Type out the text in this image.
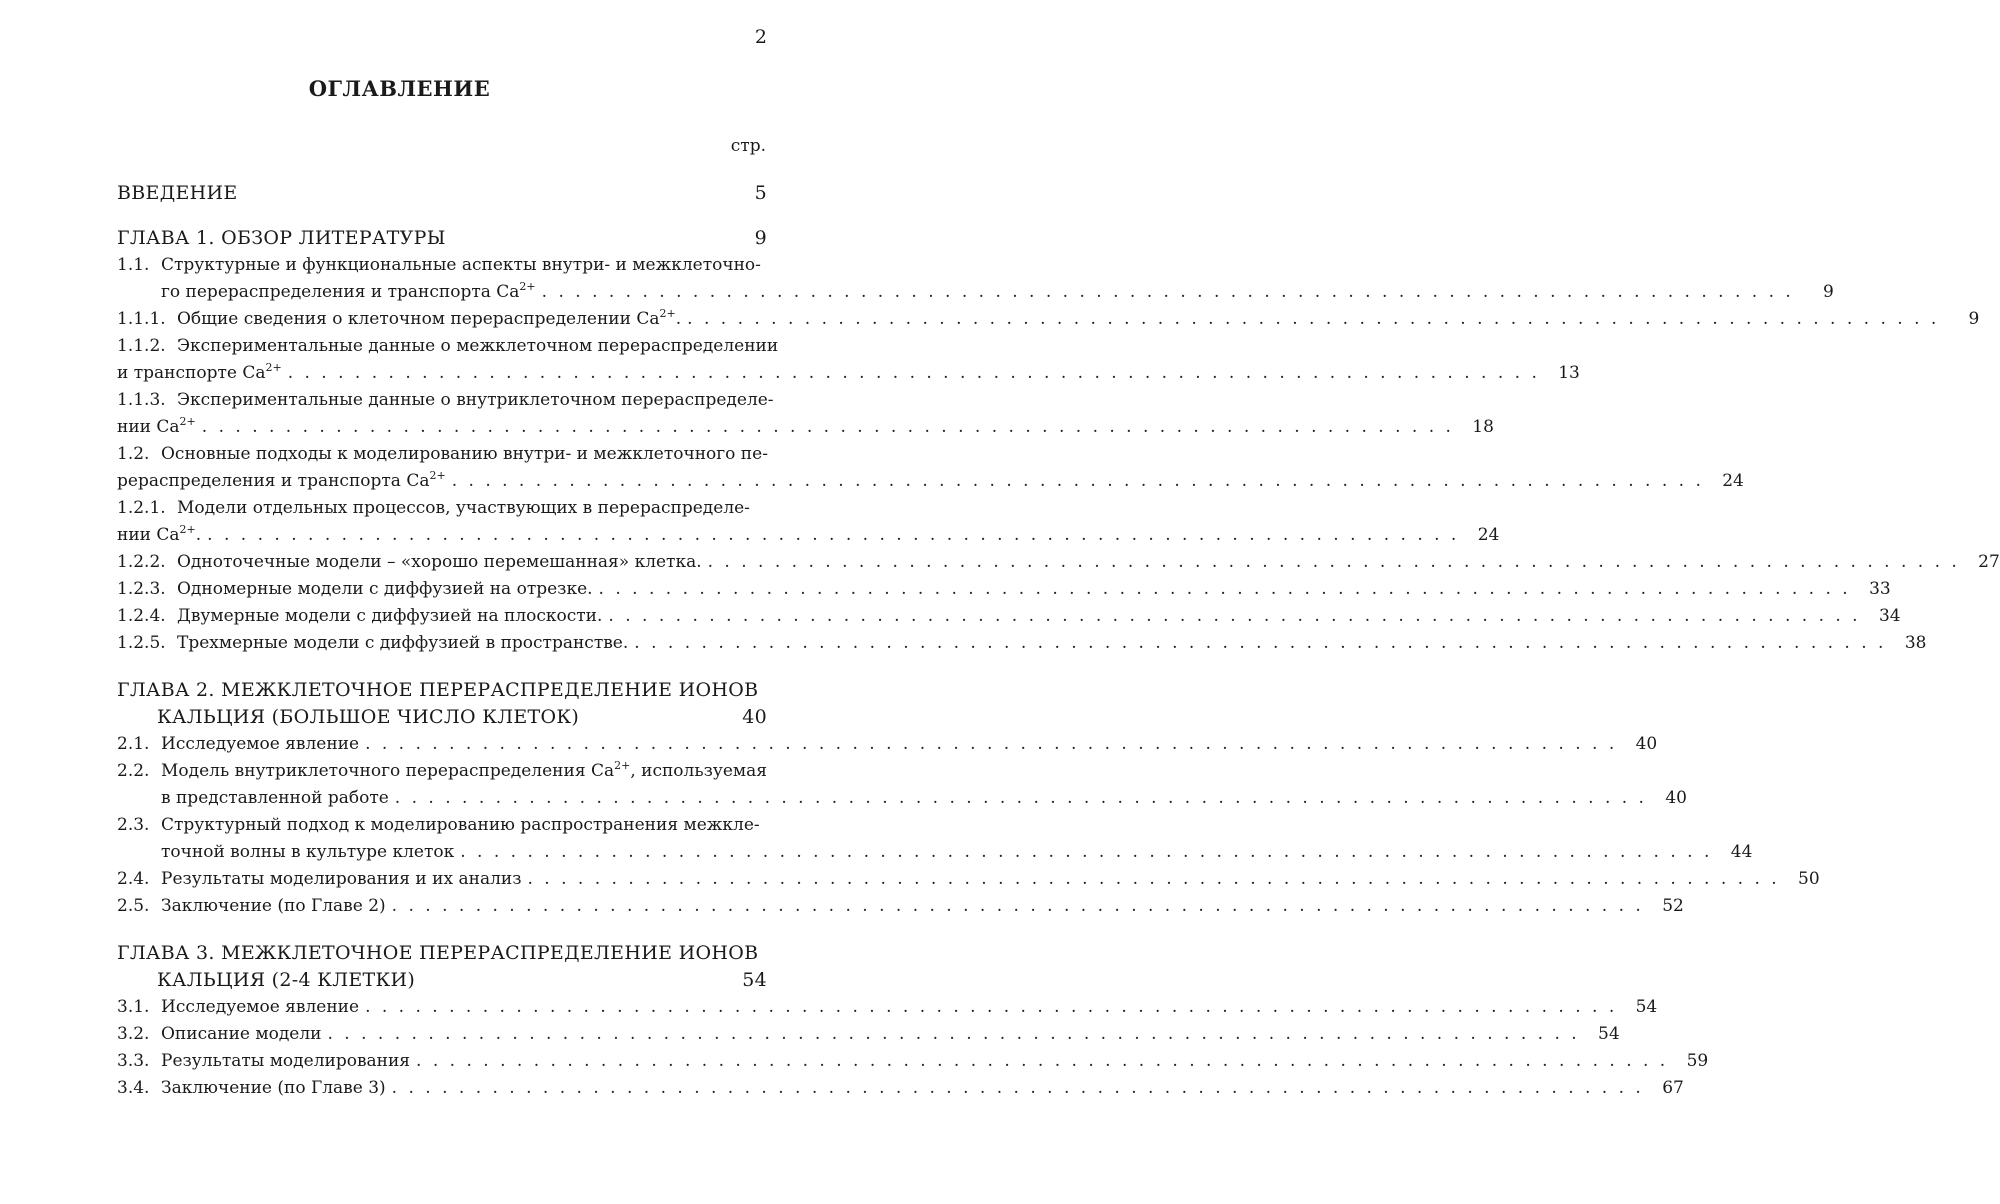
2
ОГЛАВЛЕНИЕ
стр.
ВВЕДЕНИЕ	5
ГЛАВА 1. ОБЗОР ЛИТЕРАТУРЫ	9
1.1. Структурные и функциональные аспекты внутри- и межклеточно-
го перераспределения и транспорта $Ca^{2+}$ . . .	9
1.1.1. Общие сведения о клеточном перераспределении $Ca^{2+}$. . . .	9
1.1.2. Экспериментальные данные о межклеточном перераспределении
и транспорте $Ca^{2+}$ . . .	13
1.1.3. Экспериментальные данные о внутриклеточном перераспределе-
нии $Ca^{2+}$ . . .	18
1.2. Основные подходы к моделированию внутри- и межклеточного пе-
рераспределения и транспорта $Ca^{2+}$ . . .	24
1.2.1. Модели отдельных процессов, участвующих в перераспределе-
нии $Ca^{2+}$. . . .	24
1.2.2. Одноточечные модели – «хорошо перемешанная» клетка. . . .	27
1.2.3. Одномерные модели с диффузией на отрезке. . . .	33
1.2.4. Двумерные модели с диффузией на плоскости. . . .	34
1.2.5. Трехмерные модели с диффузией в пространстве. . . .	38
ГЛАВА 2. МЕЖКЛЕТОЧНОЕ ПЕРЕРАСПРЕДЕЛЕНИЕ ИОНОВ
КАЛЬЦИЯ (БОЛЬШОЕ ЧИСЛО КЛЕТОК)	40
2.1. Исследуемое явление . . .	40
2.2. Модель внутриклеточного перераспределения $Ca^{2+}$, используемая
в представленной работе . . .	40
2.3. Структурный подход к моделированию распространения межкле-
точной волны в культуре клеток . . .	44
2.4. Результаты моделирования и их анализ . . .	50
2.5. Заключение (по Главе 2) . . .	52
ГЛАВА 3. МЕЖКЛЕТОЧНОЕ ПЕРЕРАСПРЕДЕЛЕНИЕ ИОНОВ
КАЛЬЦИЯ (2-4 КЛЕТКИ)	54
3.1. Исследуемое явление . . .	54
3.2. Описание модели . . .	54
3.3. Результаты моделирования . . .	59
3.4. Заключение (по Главе 3) . . .	67
